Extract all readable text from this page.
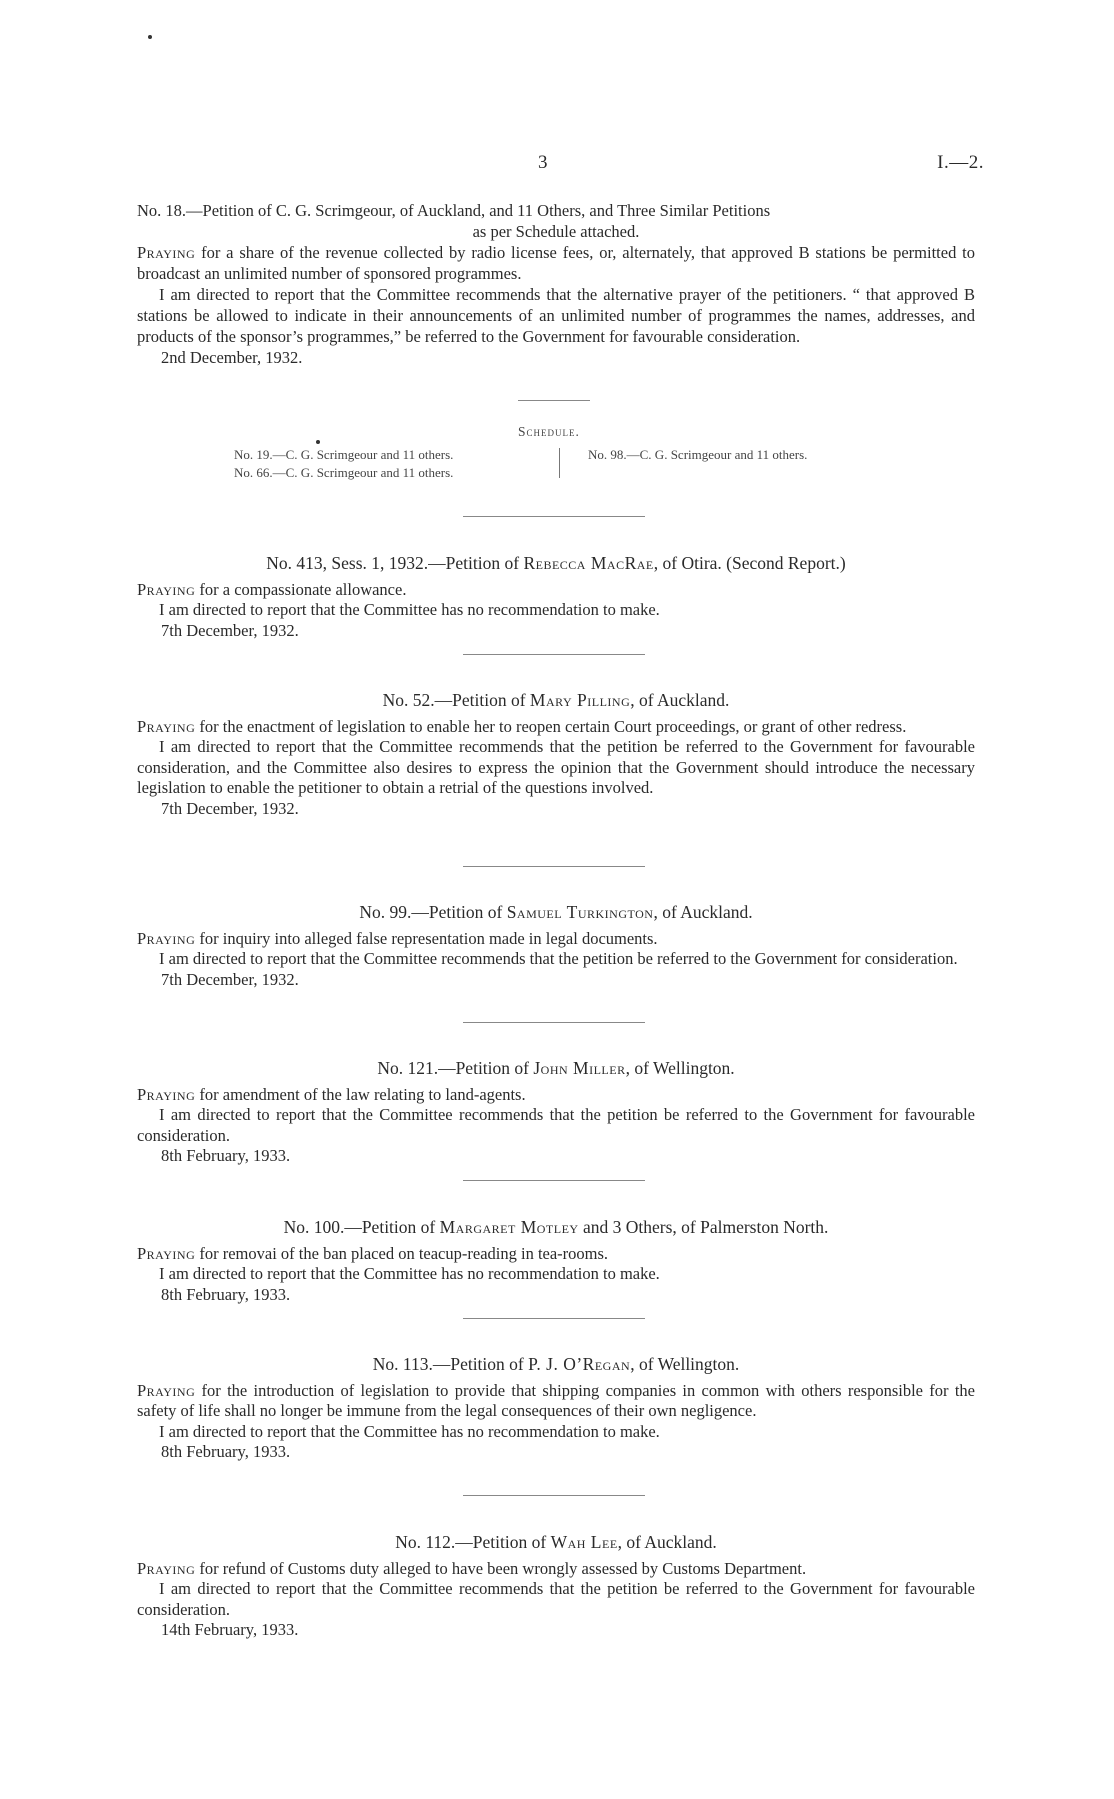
3	I.—2.

No. 18.—Petition of C. G. Scrimgeour, of Auckland, and 11 Others, and Three Similar Petitions

as per Schedule attached.

Praying for a share of the revenue collected by radio license fees, or, alternately, that approved B stations be permitted to broadcast an unlimited number of sponsored programmes.

I am directed to report that the Committee recommends that the alternative prayer of the petitioners. “ that approved B stations be allowed to indicate in their announcements of an unlimited number of programmes the names, addresses, and products of the sponsor’s programmes,” be referred to the Government for favourable consideration.

2nd December, 1932.

Schedule.
No. 19.—C. G. Scrimgeour and 11 others.
No. 66.—C. G. Scrimgeour and 11 others.
No. 98.—C. G. Scrimgeour and 11 others.

No. 413, Sess. 1, 1932.—Petition of Rebecca MacRae, of Otira. (Second Report.)

Praying for a compassionate allowance.

I am directed to report that the Committee has no recommendation to make.

7th December, 1932.

No. 52.—Petition of Mary Pilling, of Auckland.

Praying for the enactment of legislation to enable her to reopen certain Court proceedings, or grant of other redress.

I am directed to report that the Committee recommends that the petition be referred to the Government for favourable consideration, and the Committee also desires to express the opinion that the Government should introduce the necessary legislation to enable the petitioner to obtain a retrial of the questions involved.

7th December, 1932.

No. 99.—Petition of Samuel Turkington, of Auckland.

Praying for inquiry into alleged false representation made in legal documents.

I am directed to report that the Committee recommends that the petition be referred to the Government for consideration.

7th December, 1932.

No. 121.—Petition of John Miller, of Wellington.

Praying for amendment of the law relating to land-agents.

I am directed to report that the Committee recommends that the petition be referred to the Government for favourable consideration.

8th February, 1933.

No. 100.—Petition of Margaret Motley and 3 Others, of Palmerston North.

Praying for removai of the ban placed on teacup-reading in tea-rooms.

I am directed to report that the Committee has no recommendation to make.

8th February, 1933.

No. 113.—Petition of P. J. O’Regan, of Wellington.

Praying for the introduction of legislation to provide that shipping companies in common with others responsible for the safety of life shall no longer be immune from the legal consequences of their own negligence.

I am directed to report that the Committee has no recommendation to make.

8th February, 1933.

No. 112.—Petition of Wah Lee, of Auckland.

Praying for refund of Customs duty alleged to have been wrongly assessed by Customs Department.

I am directed to report that the Committee recommends that the petition be referred to the Government for favourable consideration.

14th February, 1933.
